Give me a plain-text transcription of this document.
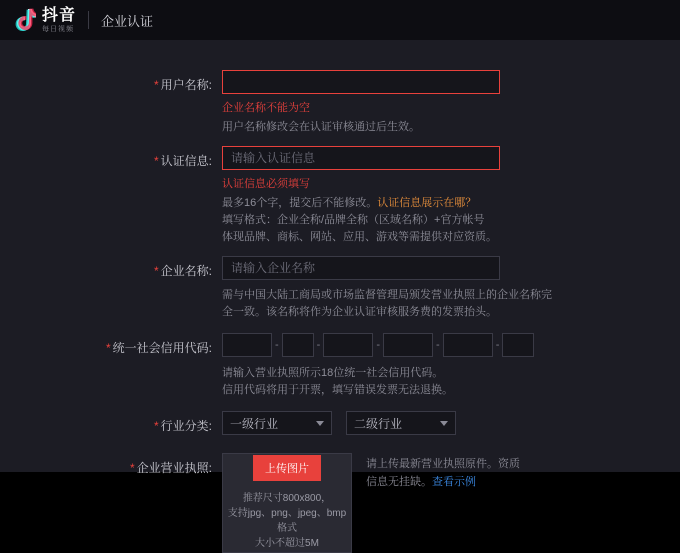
抖音
每日视频
企业认证
* 用户名称:
企业名称不能为空
用户名称修改会在认证审核通过后生效。
* 认证信息:
请输入认证信息
认证信息必须填写
最多16个字，提交后不能修改。认证信息展示在哪？
填写格式：企业全称/品牌全称（区域名称）+官方帐号
体现品牌、商标、网站、应用、游戏等需提供对应资质。
* 企业名称:
请输入企业名称
需与中国大陆工商局或市场监督管理局颁发营业执照上的企业名称完全一致。该名称将作为企业认证审核服务费的发票抬头。
* 统一社会信用代码:	-	-	-	-	-
请输入营业执照所示18位统一社会信用代码。
信用代码将用于开票，填写错误发票无法退换。
* 行业分类:	一级行业	二级行业
* 企业营业执照:	上传图片
推荐尺寸800x800，
支持jpg、png、jpeg、bmp格式
大小不超过5M
请上传最新营业执照原件。资质信息无挂缺。查看示例
